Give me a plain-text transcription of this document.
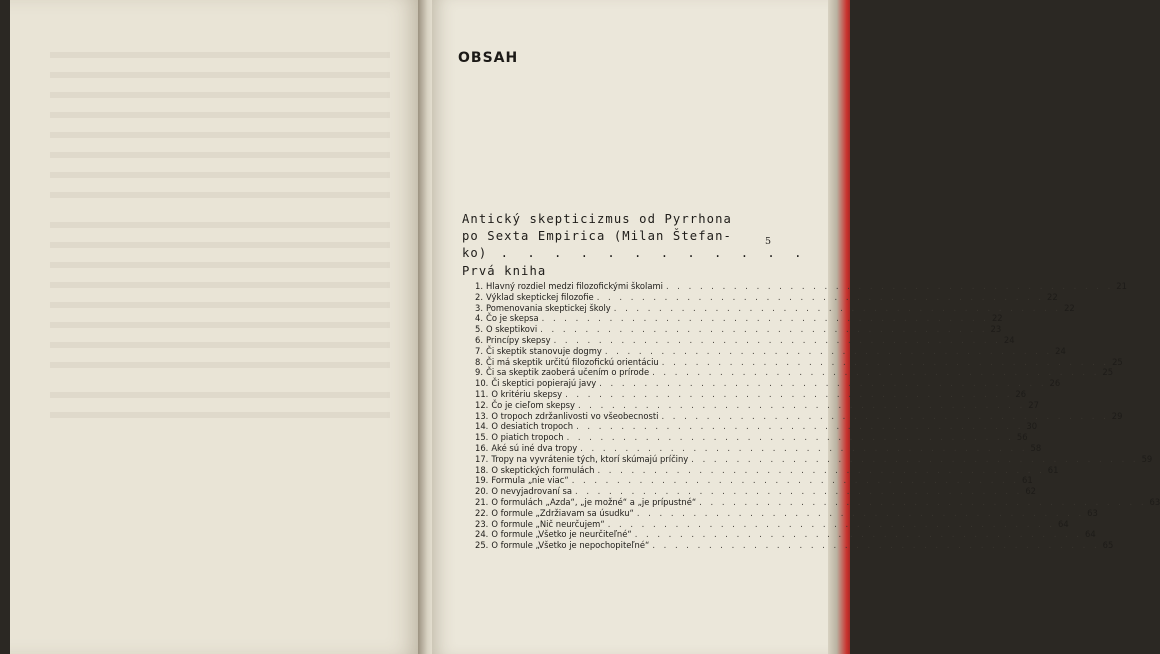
OBSAH
Antický skepticizmus od Pyrrhona
po Sexta Empirica (Milan Štefan-
ko) . . . . . . . . . . . .
5
Prvá kniha
1. Hlavný rozdiel medzi filozofickými školami . . . . . . . . . . . . . . . . . . . . . . . . . . . . . . . . . . . . . . . . 21
2. Výklad skeptickej filozofie . . . . . . . . . . . . . . . . . . . . . . . . . . . . . . . . . . . . . . . . 22
3. Pomenovania skeptickej školy . . . . . . . . . . . . . . . . . . . . . . . . . . . . . . . . . . . . . . . . 22
4. Čo je skepsa . . . . . . . . . . . . . . . . . . . . . . . . . . . . . . . . . . . . . . . . 22
5. O skeptikovi . . . . . . . . . . . . . . . . . . . . . . . . . . . . . . . . . . . . . . . . 23
6. Princípy skepsy . . . . . . . . . . . . . . . . . . . . . . . . . . . . . . . . . . . . . . . . 24
7. Či skeptik stanovuje dogmy . . . . . . . . . . . . . . . . . . . . . . . . . . . . . . . . . . . . . . . . 24
8. Či má skeptik určitú filozofickú orientáciu . . . . . . . . . . . . . . . . . . . . . . . . . . . . . . . . . . . . . . . . 25
9. Či sa skeptik zaoberá učením o prírode . . . . . . . . . . . . . . . . . . . . . . . . . . . . . . . . . . . . . . . . 25
10. Či skeptici popierajú javy . . . . . . . . . . . . . . . . . . . . . . . . . . . . . . . . . . . . . . . . 26
11. O kritériu skepsy . . . . . . . . . . . . . . . . . . . . . . . . . . . . . . . . . . . . . . . . 26
12. Čo je cieľom skepsy . . . . . . . . . . . . . . . . . . . . . . . . . . . . . . . . . . . . . . . . 27
13. O tropoch zdržanlivosti vo všeobecnosti . . . . . . . . . . . . . . . . . . . . . . . . . . . . . . . . . . . . . . . . 29
14. O desiatich tropoch . . . . . . . . . . . . . . . . . . . . . . . . . . . . . . . . . . . . . . . . 30
15. O piatich tropoch . . . . . . . . . . . . . . . . . . . . . . . . . . . . . . . . . . . . . . . . 56
16. Aké sú iné dva tropy . . . . . . . . . . . . . . . . . . . . . . . . . . . . . . . . . . . . . . . . 58
17. Tropy na vyvrátenie tých, ktorí skúmajú príčiny . . . . . . . . . . . . . . . . . . . . . . . . . . . . . . . . . . . . . . . . 59
18. O skeptických formulách . . . . . . . . . . . . . . . . . . . . . . . . . . . . . . . . . . . . . . . . 61
19. Formula „nie viac“ . . . . . . . . . . . . . . . . . . . . . . . . . . . . . . . . . . . . . . . . 61
20. O nevyjadrovaní sa . . . . . . . . . . . . . . . . . . . . . . . . . . . . . . . . . . . . . . . . 62
21. O formulách „Azda“, „je možné“ a „je prípustné“ . . . . . . . . . . . . . . . . . . . . . . . . . . . . . . . . . . . . . . . . 63
22. O formule „Zdržiavam sa úsudku“ . . . . . . . . . . . . . . . . . . . . . . . . . . . . . . . . . . . . . . . . 63
23. O formule „Nič neurčujem“ . . . . . . . . . . . . . . . . . . . . . . . . . . . . . . . . . . . . . . . . 64
24. O formule „Všetko je neurčiteľné“ . . . . . . . . . . . . . . . . . . . . . . . . . . . . . . . . . . . . . . . . 64
25. O formule „Všetko je nepochopiteľné“ . . . . . . . . . . . . . . . . . . . . . . . . . . . . . . . . . . . . . . . . 65
